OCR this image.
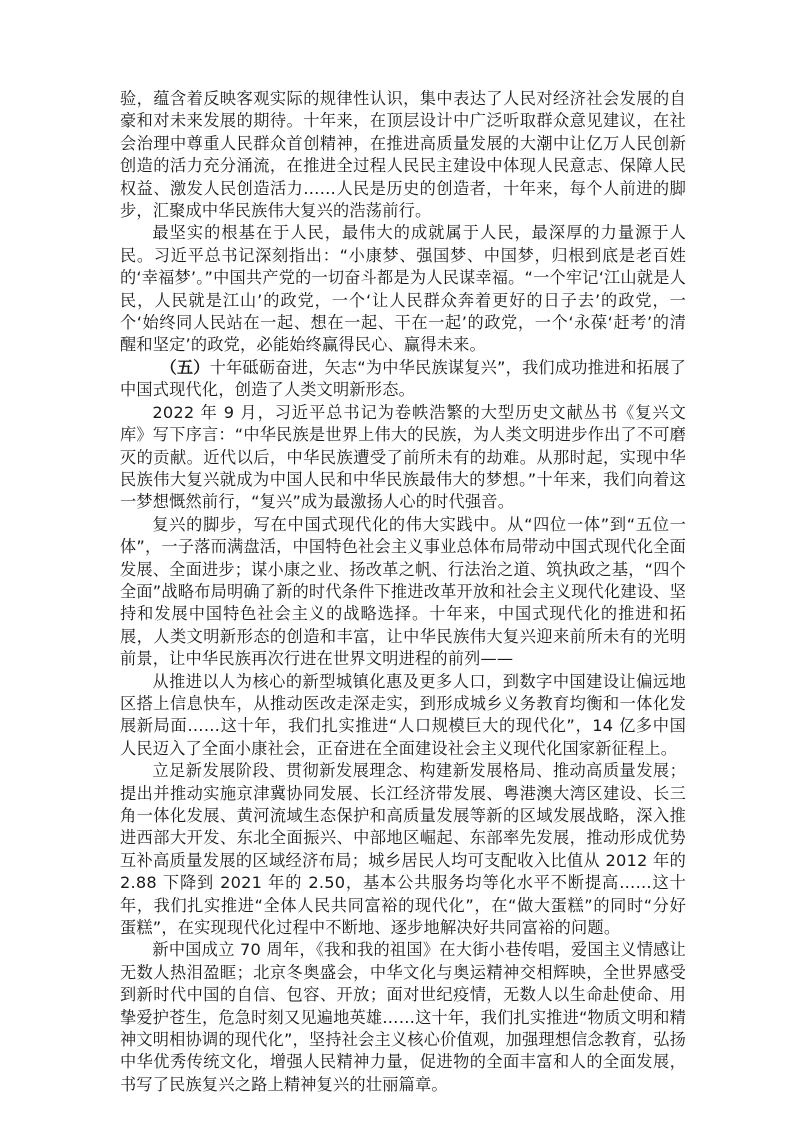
验，蕴含着反映客观实际的规律性认识，集中表达了人民对经济社会发展的自豪和对未来发展的期待。十年来，在顶层设计中广泛听取群众意见建议，在社会治理中尊重人民群众首创精神，在推进高质量发展的大潮中让亿万人民创新创造的活力充分涌流，在推进全过程人民民主建设中体现人民意志、保障人民权益、激发人民创造活力……人民是历史的创造者，十年来，每个人前进的脚步，汇聚成中华民族伟大复兴的浩荡前行。

最坚实的根基在于人民，最伟大的成就属于人民，最深厚的力量源于人民。习近平总书记深刻指出：“小康梦、强国梦、中国梦，归根到底是老百姓的‘幸福梦’。”中国共产党的一切奋斗都是为人民谋幸福。“一个牢记‘江山就是人民，人民就是江山’的政党，一个‘让人民群众奔着更好的日子去’的政党，一个‘始终同人民站在一起、想在一起、干在一起’的政党，一个‘永葆‘赶考’的清醒和坚定’的政党，必能始终赢得民心、赢得未来。

（五）十年砥砺奋进，矢志“为中华民族谋复兴”，我们成功推进和拓展了中国式现代化，创造了人类文明新形态。

2022 年 9 月，习近平总书记为卷帙浩繁的大型历史文献丛书《复兴文库》写下序言：“中华民族是世界上伟大的民族，为人类文明进步作出了不可磨灭的贡献。近代以后，中华民族遭受了前所未有的劫难。从那时起，实现中华民族伟大复兴就成为中国人民和中华民族最伟大的梦想。”十年来，我们向着这一梦想慨然前行，“复兴”成为最激扬人心的时代强音。

复兴的脚步，写在中国式现代化的伟大实践中。从“四位一体”到“五位一体”，一子落而满盘活，中国特色社会主义事业总体布局带动中国式现代化全面发展、全面进步；谋小康之业、扬改革之帆、行法治之道、筑执政之基，“四个全面”战略布局明确了新的时代条件下推进改革开放和社会主义现代化建设、坚持和发展中国特色社会主义的战略选择。十年来，中国式现代化的推进和拓展，人类文明新形态的创造和丰富，让中华民族伟大复兴迎来前所未有的光明前景，让中华民族再次行进在世界文明进程的前列——

从推进以人为核心的新型城镇化惠及更多人口，到数字中国建设让偏远地区搭上信息快车，从推动医改走深走实，到形成城乡义务教育均衡和一体化发展新局面……这十年，我们扎实推进“人口规模巨大的现代化”，14 亿多中国人民迈入了全面小康社会，正奋进在全面建设社会主义现代化国家新征程上。

立足新发展阶段、贯彻新发展理念、构建新发展格局、推动高质量发展；提出并推动实施京津冀协同发展、长江经济带发展、粤港澳大湾区建设、长三角一体化发展、黄河流域生态保护和高质量发展等新的区域发展战略，深入推进西部大开发、东北全面振兴、中部地区崛起、东部率先发展，推动形成优势互补高质量发展的区域经济布局；城乡居民人均可支配收入比值从 2012 年的 2.88 下降到 2021 年的 2.50，基本公共服务均等化水平不断提高……这十年，我们扎实推进“全体人民共同富裕的现代化”，在“做大蛋糕”的同时“分好蛋糕”，在实现现代化过程中不断地、逐步地解决好共同富裕的问题。

新中国成立 70 周年，《我和我的祖国》在大街小巷传唱，爱国主义情感让无数人热泪盈眶；北京冬奥盛会，中华文化与奥运精神交相辉映，全世界感受到新时代中国的自信、包容、开放；面对世纪疫情，无数人以生命赴使命、用挚爱护苍生，危急时刻又见遍地英雄……这十年，我们扎实推进“物质文明和精神文明相协调的现代化”，坚持社会主义核心价值观，加强理想信念教育，弘扬中华优秀传统文化，增强人民精神力量，促进物的全面丰富和人的全面发展，书写了民族复兴之路上精神复兴的壮丽篇章。
